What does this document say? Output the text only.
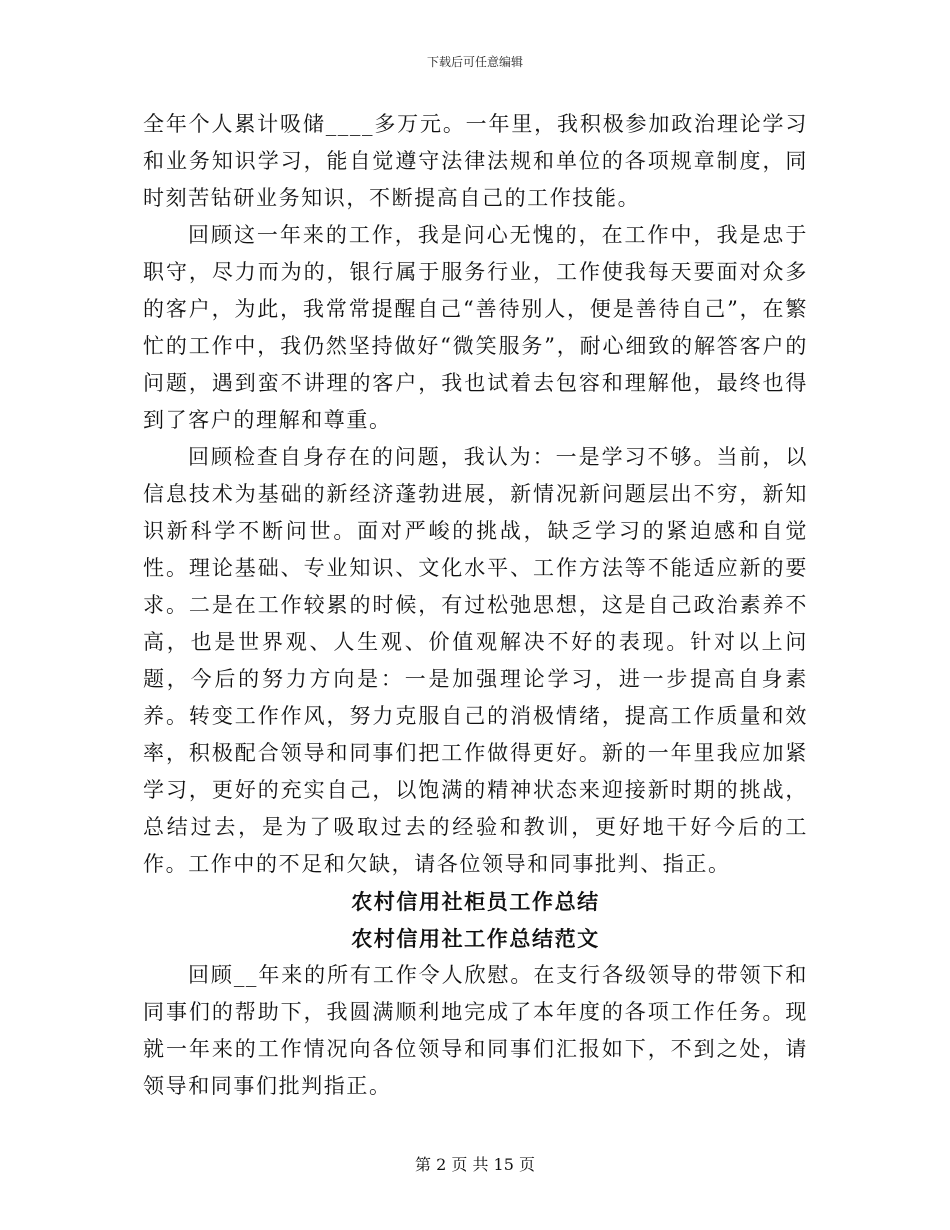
下载后可任意编辑

全年个人累计吸储____多万元。一年里，我积极参加政治理论学习和业务知识学习，能自觉遵守法律法规和单位的各项规章制度，同时刻苦钻研业务知识，不断提高自己的工作技能。

回顾这一年来的工作，我是问心无愧的，在工作中，我是忠于职守，尽力而为的，银行属于服务行业，工作使我每天要面对众多的客户，为此，我常常提醒自己“善待别人，便是善待自己”，在繁忙的工作中，我仍然坚持做好“微笑服务”，耐心细致的解答客户的问题，遇到蛮不讲理的客户，我也试着去包容和理解他，最终也得到了客户的理解和尊重。

回顾检查自身存在的问题，我认为：一是学习不够。当前，以信息技术为基础的新经济蓬勃进展，新情况新问题层出不穷，新知识新科学不断问世。面对严峻的挑战，缺乏学习的紧迫感和自觉性。理论基础、专业知识、文化水平、工作方法等不能适应新的要求。二是在工作较累的时候，有过松弛思想，这是自己政治素养不高，也是世界观、人生观、价值观解决不好的表现。针对以上问题，今后的努力方向是：一是加强理论学习，进一步提高自身素养。转变工作作风，努力克服自己的消极情绪，提高工作质量和效率，积极配合领导和同事们把工作做得更好。新的一年里我应加紧学习，更好的充实自己，以饱满的精神状态来迎接新时期的挑战，总结过去，是为了吸取过去的经验和教训，更好地干好今后的工作。工作中的不足和欠缺，请各位领导和同事批判、指正。

农村信用社柜员工作总结

农村信用社工作总结范文

回顾__年来的所有工作令人欣慰。在支行各级领导的带领下和同事们的帮助下，我圆满顺利地完成了本年度的各项工作任务。现就一年来的工作情况向各位领导和同事们汇报如下，不到之处，请领导和同事们批判指正。

第 2 页 共 15 页
